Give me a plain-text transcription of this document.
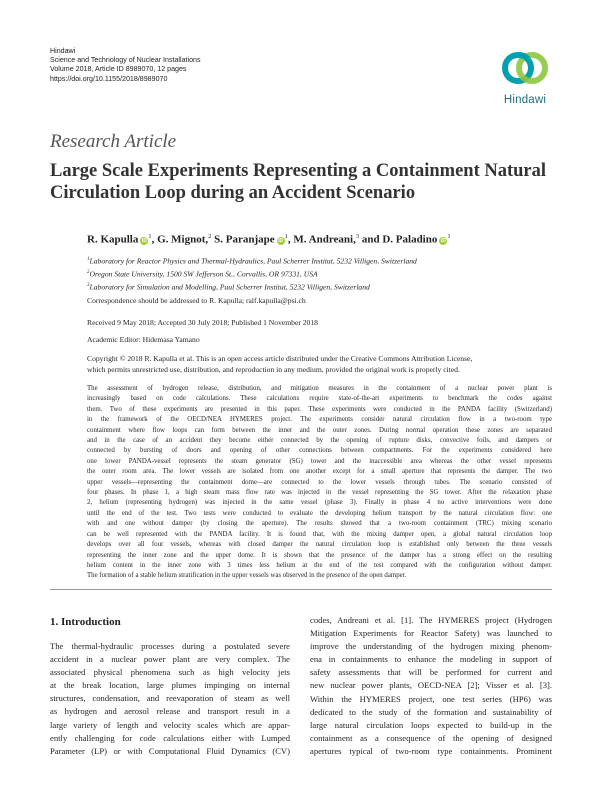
Hindawi
Science and Technology of Nuclear Installations
Volume 2018, Article ID 8989070, 12 pages
https://doi.org/10.1155/2018/8989070
Hindawi
Research Article
Large Scale Experiments Representing a Containment Natural
Circulation Loop during an Accident Scenario
R. Kapulla $iD^1$, G. Mignot,$^2$ S. Paranjape $iD^1$, M. Andreani,$^3$ and D. Paladino $iD^1$
$^1$Laboratory for Reactor Physics and Thermal-Hydraulics, Paul Scherrer Institut, 5232 Villigen, Switzerland
$^2$Oregon State University, 1500 SW Jefferson St., Corvallis, OR 97331, USA
$^3$Laboratory for Simulation and Modelling, Paul Scherrer Institut, 5232 Villigen, Switzerland
Correspondence should be addressed to R. Kapulla; ralf.kapulla@psi.ch
Received 9 May 2018; Accepted 30 July 2018; Published 1 November 2018
Academic Editor: Hidemasa Yamano
Copyright © 2018 R. Kapulla et al. This is an open access article distributed under the Creative Commons Attribution License,
which permits unrestricted use, distribution, and reproduction in any medium, provided the original work is properly cited.
The assessment of hydrogen release, distribution, and mitigation measures in the containment of a nuclear power plant is
increasingly based on code calculations. These calculations require state-of-the-art experiments to benchmark the codes against
them. Two of these experiments are presented in this paper. These experiments were conducted in the PANDA facility (Switzerland)
in the framework of the OECD/NEA HYMERES project. The experiments consider natural circulation flow in a two-room type
containment where flow loops can form between the inner and the outer zones. During normal operation these zones are separated
and in the case of an accident they become either connected by the opening of rupture disks, convective foils, and dampers or
connected by bursting of doors and opening of other connections between compartments. For the experiments considered here
one lower PANDA-vessel represents the steam generator (SG) tower and the inaccessible area whereas the other vessel represents
the outer room area. The lower vessels are isolated from one another except for a small aperture that represents the damper. The two
upper vessels—representing the containment dome—are connected to the lower vessels through tubes. The scenario consisted of
four phases. In phase 1, a high steam mass flow rate was injected in the vessel representing the SG tower. After the relaxation phase
2, helium (representing hydrogen) was injected in the same vessel (phase 3). Finally in phase 4 no active interventions were done
until the end of the test. Two tests were conducted to evaluate the developing helium transport by the natural circulation flow: one
with and one without damper (by closing the aperture). The results showed that a two-room containment (TRC) mixing scenario
can be well represented with the PANDA facility. It is found that, with the mixing damper open, a global natural circulation loop
develops over all four vessels, whereas with closed damper the natural circulation loop is established only between the three vessels
representing the inner zone and the upper dome. It is shown that the presence of the damper has a strong effect on the resulting
helium content in the inner zone with 3 times less helium at the end of the test compared with the configuration without damper.
The formation of a stable helium stratification in the upper vessels was observed in the presence of the open damper.
1. Introduction
The thermal-hydraulic processes during a postulated severe
accident in a nuclear power plant are very complex. The
associated physical phenomena such as high velocity jets
at the break location, large plumes impinging on internal
structures, condensation, and reevaporation of steam as well
as hydrogen and aerosol release and transport result in a
large variety of length and velocity scales which are appar-
ently challenging for code calculations either with Lumped
Parameter (LP) or with Computational Fluid Dynamics (CV)
codes, Andreani et al. [1]. The HYMERES project (Hydrogen
Mitigation Experiments for Reactor Safety) was launched to
improve the understanding of the hydrogen mixing phenom-
ena in containments to enhance the modeling in support of
safety assessments that will be performed for current and
new nuclear power plants, OECD-NEA [2]; Visser et al. [3].
Within the HYMERES project, one test series (HP6) was
dedicated to the study of the formation and sustainability of
large natural circulation loops expected to build-up in the
containment as a consequence of the opening of designed
apertures typical of two-room type containments. Prominent
